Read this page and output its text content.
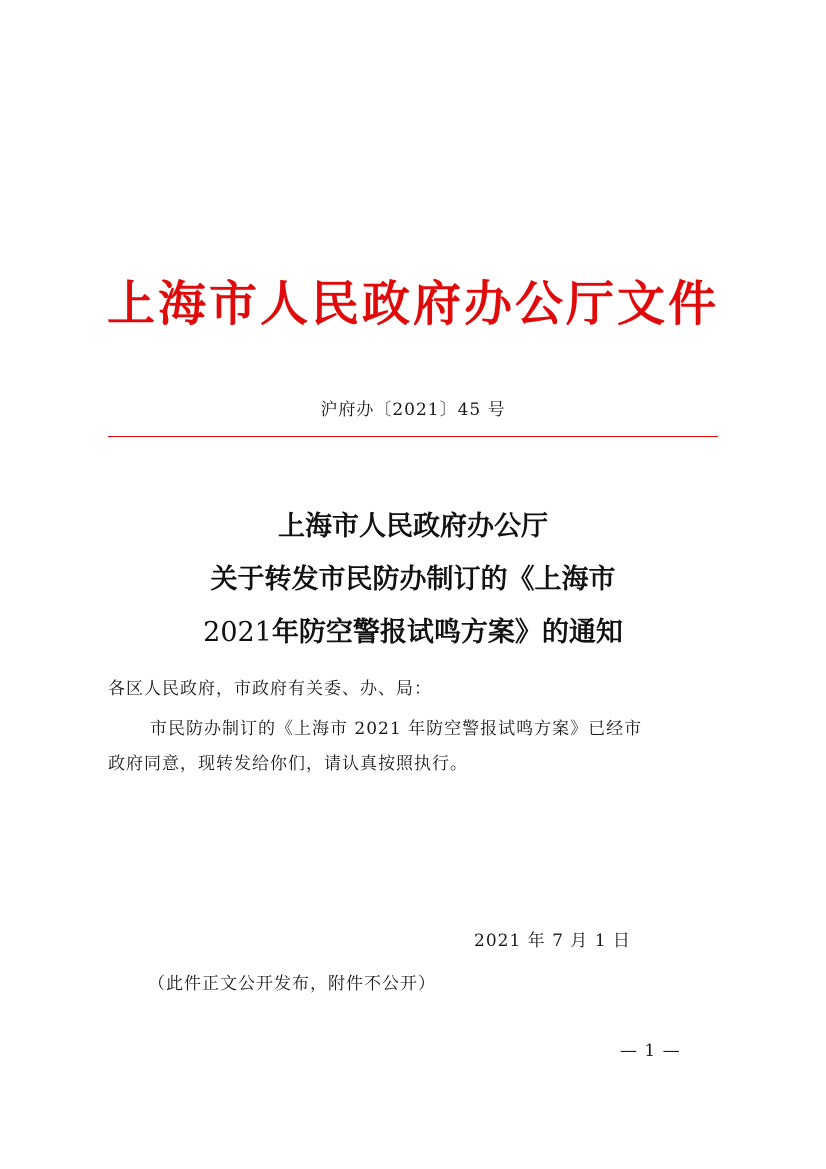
上海市人民政府办公厅文件
沪府办〔2021〕45 号
上海市人民政府办公厅
关于转发市民防办制订的《上海市
2021年防空警报试鸣方案》的通知
各区人民政府，市政府有关委、办、局：
市民防办制订的《上海市 2021 年防空警报试鸣方案》已经市
政府同意，现转发给你们，请认真按照执行。
2021 年 7 月 1 日
（此件正文公开发布，附件不公开）
— 1 —
